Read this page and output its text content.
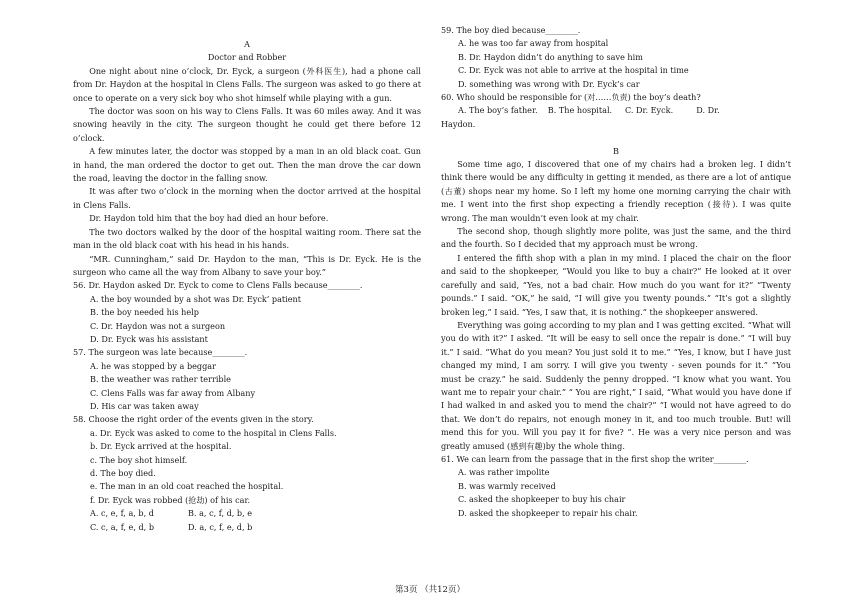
A

Doctor and Robber

One night about nine o’clock, Dr. Eyck, a surgeon (外科医生), had a phone call from Dr. Haydon at the hospital in Clens Falls. The surgeon was asked to go there at once to operate on a very sick boy who shot himself while playing with a gun.

The doctor was soon on his way to Clens Falls. It was 60 miles away. And it was snowing heavily in the city. The surgeon thought he could get there before 12 o’clock.

A few minutes later, the doctor was stopped by a man in an old black coat. Gun in hand, the man ordered the doctor to get out. Then the man drove the car down the road, leaving the doctor in the falling snow.

It was after two o’clock in the morning when the doctor arrived at the hospital in Clens Falls.

Dr. Haydon told him that the boy had died an hour before.

The two doctors walked by the door of the hospital waiting room. There sat the man in the old black coat with his head in his hands.

“MR. Cunningham,” said Dr. Haydon to the man, “This is Dr. Eyck. He is the surgeon who came all the way from Albany to save your boy.”

56. Dr. Haydon asked Dr. Eyck to come to Clens Falls because________.

A. the boy wounded by a shot was Dr. Eyck’ patient

B. the boy needed his help

C. Dr. Haydon was not a surgeon

D. Dr. Eyck was his assistant

57. The surgeon was late because________.

A. he was stopped by a beggar

B. the weather was rather terrible

C. Clens Falls was far away from Albany

D. His car was taken away

58. Choose the right order of the events given in the story.

a. Dr. Eyck was asked to come to the hospital in Clens Falls.

b. Dr. Eyck arrived at the hospital.

c. The boy shot himself.

d. The boy died.

e. The man in an old coat reached the hospital.

f. Dr. Eyck was robbed (抢劫) of his car.

A. c, e, f, a, b, d	B. a, c, f, d, b, e
C. c, a, f, e, d, b	D. a, c, f, e, d, b

59. The boy died because________.

A. he was too far away from hospital

B. Dr. Haydon didn’t do anything to save him

C. Dr. Eyck was not able to arrive at the hospital in time

D. something was wrong with Dr. Eyck’s car

60. Who should be responsible for (对……负责) the boy’s death?

A. The boy’s father.    B. The hospital.     C. Dr. Eyck.         D. Dr.

Haydon.

B

Some time ago, I discovered that one of my chairs had a broken leg. I didn’t think there would be any difficulty in getting it mended, as there are a lot of antique (古董) shops near my home. So I left my home one morning carrying the chair with me. I went into the first shop expecting a friendly reception (接待). I was quite wrong. The man wouldn’t even look at my chair.

The second shop, though slightly more polite, was just the same, and the third and the fourth. So I decided that my approach must be wrong.

I entered the fifth shop with a plan in my mind. I placed the chair on the floor and said to the shopkeeper, “Would you like to buy a chair?” He looked at it over carefully and said, “Yes, not a bad chair. How much do you want for it?” “Twenty pounds.” I said. “OK,” he said, “I will give you twenty pounds.” “It’s got a slightly broken leg,” I said. “Yes, I saw that, it is nothing.” the shopkeeper answered.

Everything was going according to my plan and I was getting excited. “What will you do with it?” I asked. “It will be easy to sell once the repair is done.” “I will buy it.” I said. “What do you mean? You just sold it to me.” “Yes, I know, but I have just changed my mind, I am sorry. I will give you twenty - seven pounds for it.” “You must be crazy.” he said. Suddenly the penny dropped. “I know what you want. You want me to repair your chair.” “ You are right,” I said, “What would you have done if I had walked in and asked you to mend the chair?” “I would not have agreed to do that. We don’t do repairs, not enough money in it, and too much trouble. But! will mend this for you. Will you pay it for five? ”. He was a very nice person and was greatly amused (感到有趣)by the whole thing.

61. We can learn from the passage that in the first shop the writer________.

A. was rather impolite

B. was warmly received

C. asked the shopkeeper to buy his chair

D. asked the shopkeeper to repair his chair.

第3页 （共12页）
